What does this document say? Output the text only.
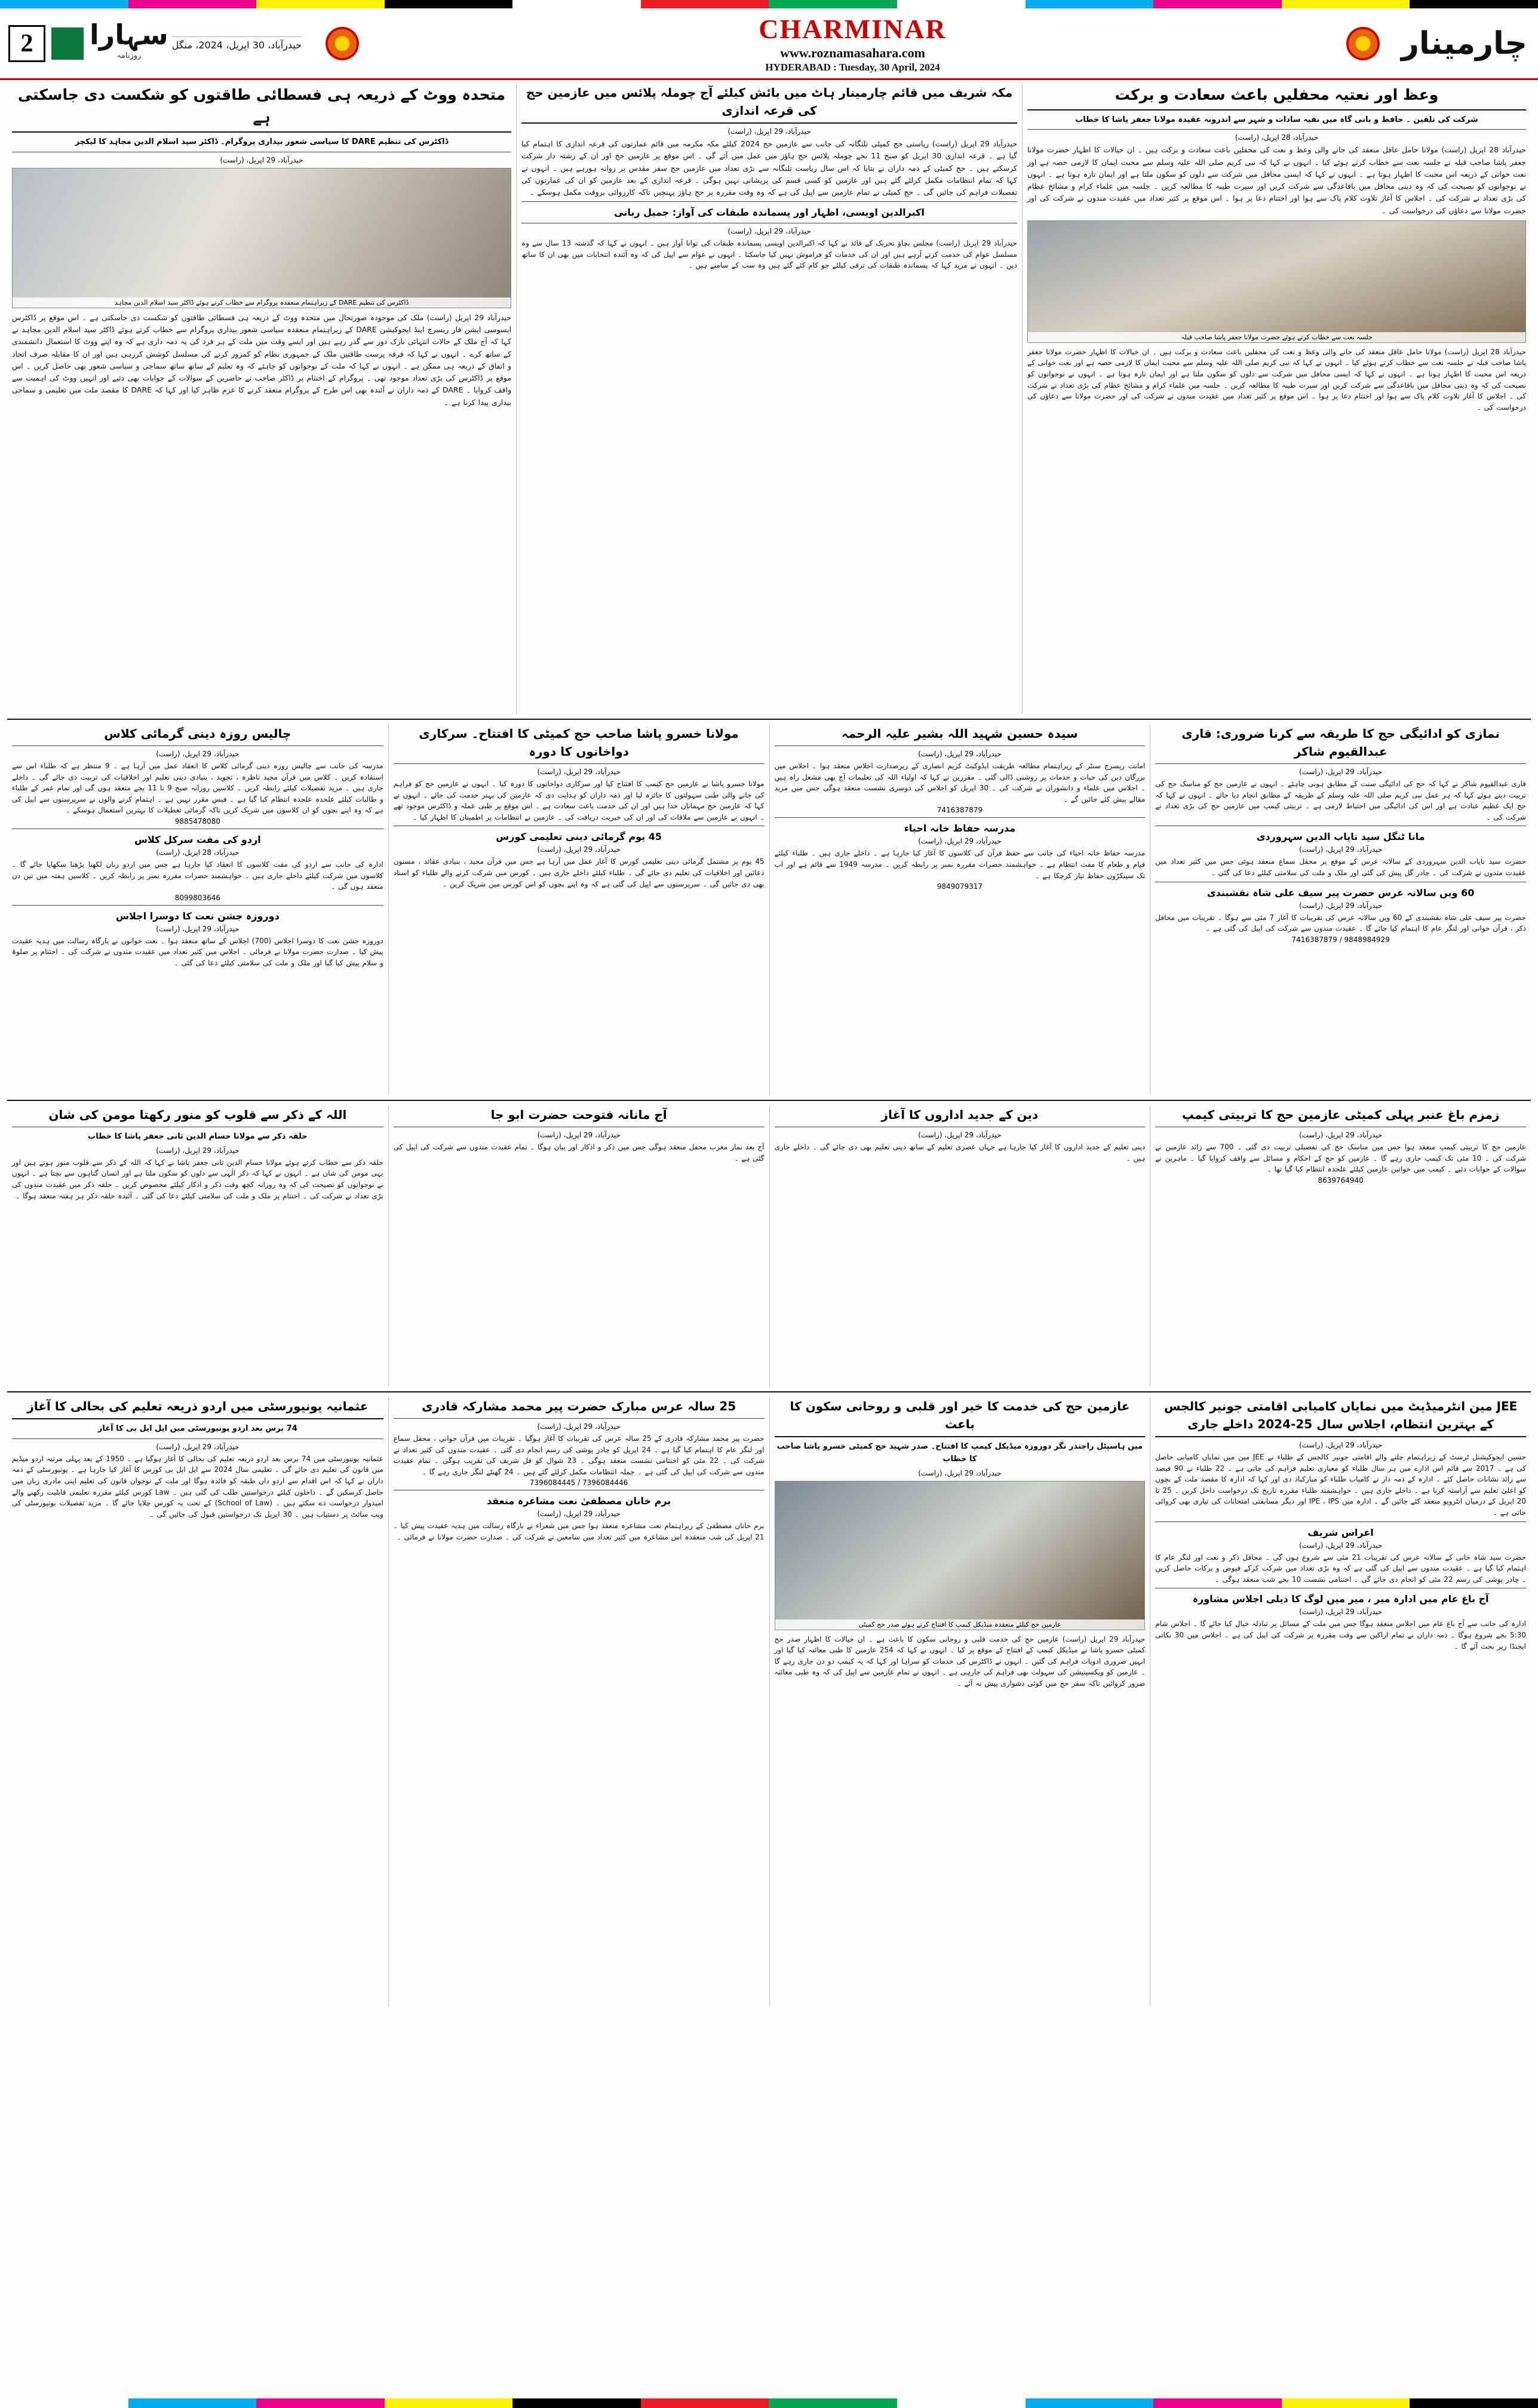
2	سہارا
روزنامہ
حیدرآباد، 30 اپریل، 2024، منگل
CHARMINAR
www.roznamasahara.com
HYDERABAD : Tuesday, 30 April, 2024
چارمینار
وعظ اور نعتیہ محفلیں باعث سعادت و برکت
شرکت کی تلقین ۔ حافظ و بانی گاہ میں نقیہ سادات و شہر سے اندرونہ عقیدہ مولانا جعفر پاشا کا خطاب
حیدرآباد، 28 اپریل، (راست)
حیدرآباد 28 اپریل (راست) مولانا حامل عاقل منعقد کی جانے والی وعظ و نعت کی محفلیں باعث سعادت و برکت ہیں ۔ ان خیالات کا اظہار حضرت مولانا جعفر پاشا صاحب قبلہ نے جلسہ نعت سے خطاب کرتے ہوئے کیا ۔ انہوں نے کہا کہ نبی کریم صلی اللہ علیہ وسلم سے محبت ایمان کا لازمی حصہ ہے اور نعت خوانی کے ذریعہ اس محبت کا اظہار ہوتا ہے ۔ انہوں نے کہا کہ ایسی محافل میں شرکت سے دلوں کو سکون ملتا ہے اور ایمان تازہ ہوتا ہے ۔ انہوں نے نوجوانوں کو نصیحت کی کہ وہ دینی محافل میں باقاعدگی سے شرکت کریں اور سیرت طیبہ کا مطالعہ کریں ۔ جلسہ میں علماء کرام و مشائخ عظام کی بڑی تعداد نے شرکت کی ۔ اجلاس کا آغاز تلاوت کلام پاک سے ہوا اور اختتام دعا پر ہوا ۔ اس موقع پر کثیر تعداد میں عقیدت مندوں نے شرکت کی اور حضرت مولانا سے دعاؤں کی درخواست کی ۔
جلسہ نعت سے خطاب کرتے ہوئے حضرت مولانا جعفر پاشا صاحب قبلہ
حیدرآباد 28 اپریل (راست) مولانا حامل عاقل منعقد کی جانے والی وعظ و نعت کی محفلیں باعث سعادت و برکت ہیں ۔ ان خیالات کا اظہار حضرت مولانا جعفر پاشا صاحب قبلہ نے جلسہ نعت سے خطاب کرتے ہوئے کیا ۔ انہوں نے کہا کہ نبی کریم صلی اللہ علیہ وسلم سے محبت ایمان کا لازمی حصہ ہے اور نعت خوانی کے ذریعہ اس محبت کا اظہار ہوتا ہے ۔ انہوں نے کہا کہ ایسی محافل میں شرکت سے دلوں کو سکون ملتا ہے اور ایمان تازہ ہوتا ہے ۔ انہوں نے نوجوانوں کو نصیحت کی کہ وہ دینی محافل میں باقاعدگی سے شرکت کریں اور سیرت طیبہ کا مطالعہ کریں ۔ جلسہ میں علماء کرام و مشائخ عظام کی بڑی تعداد نے شرکت کی ۔ اجلاس کا آغاز تلاوت کلام پاک سے ہوا اور اختتام دعا پر ہوا ۔ اس موقع پر کثیر تعداد میں عقیدت مندوں نے شرکت کی اور حضرت مولانا سے دعاؤں کی درخواست کی ۔
مکہ شریف میں قائم چارمینار ہاٹ میں بائش کیلئے آج چوملہ پلائس میں عازمین حج کی قرعہ اندازی
حیدرآباد، 29 اپریل، (راست)
حیدرآباد 29 اپریل (راست) ریاستی حج کمیٹی تلنگانہ کی جانب سے عازمین حج 2024 کیلئے مکہ مکرمہ میں قائم عمارتوں کی قرعہ اندازی کا اہتمام کیا گیا ہے ۔ قرعہ اندازی 30 اپریل کو صبح 11 بجے چوملہ پلائس حج ہاؤز میں عمل میں آئے گی ۔ اس موقع پر عازمین حج اور ان کے رشتہ دار شرکت کرسکتے ہیں ۔ حج کمیٹی کے ذمہ داران نے بتایا کہ اس سال ریاست تلنگانہ سے بڑی تعداد میں عازمین حج سفر مقدس پر روانہ ہورہے ہیں ۔ انہوں نے کہا کہ تمام انتظامات مکمل کرلئے گئے ہیں اور عازمین کو کسی قسم کی پریشانی نہیں ہوگی ۔ قرعہ اندازی کے بعد عازمین کو ان کی عمارتوں کی تفصیلات فراہم کی جائیں گی ۔ حج کمیٹی نے تمام عازمین سے اپیل کی ہے کہ وہ وقت مقررہ پر حج ہاؤز پہنچیں تاکہ کارروائی بروقت مکمل ہوسکے ۔
اکبرالدین اویسی، اظہار اور پسماندہ طبقات کی آواز: جمیل ربانی
حیدرآباد، 29 اپریل، (راست)
حیدرآباد 29 اپریل (راست) مجلس بچاؤ تحریک کے قائد نے کہا کہ اکبرالدین اویسی پسماندہ طبقات کی توانا آواز ہیں ۔ انہوں نے کہا کہ گذشتہ 13 سال سے وہ مسلسل عوام کی خدمت کرتے آرہے ہیں اور ان کی خدمات کو فراموش نہیں کیا جاسکتا ۔ انہوں نے عوام سے اپیل کی کہ وہ آئندہ انتخابات میں بھی ان کا ساتھ دیں ۔ انہوں نے مزید کہا کہ پسماندہ طبقات کی ترقی کیلئے جو کام کئے گئے ہیں وہ سب کے سامنے ہیں ۔
متحدہ ووٹ کے ذریعہ ہی فسطائی طاقتوں کو شکست دی جاسکتی ہے
ڈاکٹرس کی تنظیم DARE کا سیاسی شعور بیداری پروگرام۔ ڈاکٹر سید اسلام الدین مجاہد کا لیکچر
حیدرآباد، 29 اپریل، (راست)
ڈاکٹرس کی تنظیم DARE کے زیراہتمام منعقدہ پروگرام سے خطاب کرتے ہوئے ڈاکٹر سید اسلام الدین مجاہد
حیدرآباد 29 اپریل (راست) ملک کی موجودہ صورتحال میں متحدہ ووٹ کے ذریعہ ہی فسطائی طاقتوں کو شکست دی جاسکتی ہے ۔ اس موقع پر ڈاکٹرس ایسوسی ایشن فار ریسرچ اینڈ ایجوکیشن DARE کے زیراہتمام منعقدہ سیاسی شعور بیداری پروگرام سے خطاب کرتے ہوئے ڈاکٹر سید اسلام الدین مجاہد نے کہا کہ آج ملک کے حالات انتہائی نازک دور سے گذر رہے ہیں اور ایسے وقت میں ملت کے ہر فرد کی یہ ذمہ داری ہے کہ وہ اپنے ووٹ کا استعمال دانشمندی کے ساتھ کرے ۔ انہوں نے کہا کہ فرقہ پرست طاقتیں ملک کے جمہوری نظام کو کمزور کرنے کی مسلسل کوشش کررہی ہیں اور ان کا مقابلہ صرف اتحاد و اتفاق کے ذریعہ ہی ممکن ہے ۔ انہوں نے کہا کہ ملت کے نوجوانوں کو چاہئے کہ وہ تعلیم کے ساتھ ساتھ سماجی و سیاسی شعور بھی حاصل کریں ۔ اس موقع پر ڈاکٹرس کی بڑی تعداد موجود تھی ۔ پروگرام کے اختتام پر ڈاکٹر صاحب نے حاضرین کے سوالات کے جوابات بھی دئیے اور انہیں ووٹ کی اہمیت سے واقف کروایا ۔ DARE کے ذمہ داران نے آئندہ بھی اس طرح کے پروگرام منعقد کرنے کا عزم ظاہر کیا اور کہا کہ DARE کا مقصد ملت میں تعلیمی و سماجی بیداری پیدا کرنا ہے ۔
نمازی کو ادائیگی حج کا طریقہ سے کرنا ضروری: قاری عبدالقیوم شاکر
حیدرآباد، 29 اپریل، (راست)
قاری عبدالقیوم شاکر نے کہا کہ حج کی ادائیگی سنت کے مطابق ہونی چاہئے ۔ انہوں نے عازمین حج کو مناسک حج کی تربیت دیتے ہوئے کہا کہ ہر عمل نبی کریم صلی اللہ علیہ وسلم کے طریقہ کے مطابق انجام دیا جائے ۔ انہوں نے کہا کہ حج ایک عظیم عبادت ہے اور اس کی ادائیگی میں احتیاط لازمی ہے ۔ تربیتی کیمپ میں عازمین حج کی بڑی تعداد نے شرکت کی ۔
مانا ٹنگل سید نایاب الدین سہروردی
حیدرآباد، 29 اپریل، (راست)
حضرت سید نایاب الدین سہروردی کے سالانہ عرس کے موقع پر محفل سماع منعقد ہوئی جس میں کثیر تعداد میں عقیدت مندوں نے شرکت کی ۔ چادر گل پیش کی گئی اور ملک و ملت کی سلامتی کیلئے دعا کی گئی ۔
60 ویں سالانہ عرس حضرت پیر سیف علی شاہ نقشبندی
حیدرآباد، 29 اپریل، (راست)
حضرت پیر سیف علی شاہ نقشبندی کے 60 ویں سالانہ عرس کی تقریبات کا آغاز 7 مئی سے ہوگا ۔ تقریبات میں محافل ذکر ، قرآن خوانی اور لنگر عام کا اہتمام کیا جائے گا ۔ عقیدت مندوں سے شرکت کی اپیل کی گئی ہے ۔
9848984929 / 7416387879
سیدہ حسین شہید اللہ بشیر علیہ الرحمہ
حیدرآباد، 29 اپریل، (راست)
امانت ریسرچ سنٹر کے زیراہتمام مطالعہ طریقت ایڈوکیٹ کریم انصاری کے زیرصدارت اجلاس منعقد ہوا ۔ اجلاس میں بزرگان دین کی حیات و خدمات پر روشنی ڈالی گئی ۔ مقررین نے کہا کہ اولیاء اللہ کی تعلیمات آج بھی مشعل راہ ہیں ۔ اجلاس میں علماء و دانشوران نے شرکت کی ۔ 30 اپریل کو اجلاس کی دوسری نشست منعقد ہوگی جس میں مزید مقالے پیش کئے جائیں گے ۔
7416387879
مدرسہ حفاظ خانہ احیاء
حیدرآباد، 29 اپریل، (راست)
مدرسہ حفاظ خانہ احیاء کی جانب سے حفظ قرآن کی کلاسوں کا آغاز کیا جارہا ہے ۔ داخلے جاری ہیں ۔ طلباء کیلئے قیام و طعام کا مفت انتظام ہے ۔ خواہشمند حضرات مقررہ نمبر پر رابطہ کریں ۔ مدرسہ 1949 سے قائم ہے اور اب تک سینکڑوں حفاظ تیار کرچکا ہے ۔
9849079317
مولانا خسرو پاشا صاحب حج کمیٹی کا افتتاح۔ سرکاری دواخانوں کا دورہ
حیدرآباد، 29 اپریل، (راست)
مولانا خسرو پاشا نے عازمین حج کیمپ کا افتتاح کیا اور سرکاری دواخانوں کا دورہ کیا ۔ انہوں نے عازمین حج کو فراہم کی جانے والی طبی سہولتوں کا جائزہ لیا اور ذمہ داران کو ہدایت دی کہ عازمین کی بہتر خدمت کی جائے ۔ انہوں نے کہا کہ عازمین حج مہمانان خدا ہیں اور ان کی خدمت باعث سعادت ہے ۔ اس موقع پر طبی عملہ و ڈاکٹرس موجود تھے ۔ انہوں نے عازمین سے ملاقات کی اور ان کی خیریت دریافت کی ۔ عازمین نے انتظامات پر اطمینان کا اظہار کیا ۔
45 یوم گرمائی دینی تعلیمی کورس
حیدرآباد، 29 اپریل، (راست)
45 یوم پر مشتمل گرمائی دینی تعلیمی کورس کا آغاز عمل میں آرہا ہے جس میں قرآن مجید ، بنیادی عقائد ، مسنون دعائیں اور اخلاقیات کی تعلیم دی جائے گی ۔ طلباء کیلئے داخلے جاری ہیں ۔ کورس میں شرکت کرنے والے طلباء کو اسناد بھی دی جائیں گی ۔ سرپرستوں سے اپیل کی گئی ہے کہ وہ اپنے بچوں کو اس کورس میں شریک کریں ۔
چالیس روزہ دینی گرمائی کلاس
حیدرآباد، 29 اپریل، (راست)
مدرسہ کی جانب سے چالیس روزہ دینی گرمائی کلاس کا انعقاد عمل میں آرہا ہے ۔ 9 منتظر ہے کہ طلباء اس سے استفادہ کریں ۔ کلاس میں قرآن مجید ناظرہ ، تجوید ، بنیادی دینی تعلیم اور اخلاقیات کی تربیت دی جائے گی ۔ داخلے جاری ہیں ۔ مزید تفصیلات کیلئے رابطہ کریں ۔ کلاسیں روزانہ صبح 9 تا 11 بجے منعقد ہوں گی اور تمام عمر کے طلباء و طالبات کیلئے علحدہ علحدہ انتظام کیا گیا ہے ۔ فیس مقرر نہیں ہے ۔ اہتمام کرنے والوں نے سرپرستوں سے اپیل کی ہے کہ وہ اپنے بچوں کو ان کلاسوں میں شریک کریں تاکہ گرمائی تعطیلات کا بہترین استعمال ہوسکے ۔
9885478080
اردو کی مفت سرکل کلاس
حیدرآباد، 28 اپریل، (راست)
ادارہ کی جانب سے اردو کی مفت کلاسوں کا انعقاد کیا جارہا ہے جس میں اردو زبان لکھنا پڑھنا سکھایا جائے گا ۔ کلاسوں میں شرکت کیلئے داخلے جاری ہیں ۔ خواہشمند حضرات مقررہ نمبر پر رابطہ کریں ۔ کلاسیں ہفتہ میں تین دن منعقد ہوں گی ۔
8099803646
دوروزہ جشن نعت کا دوسرا اجلاس
حیدرآباد، 29 اپریل، (راست)
دوروزہ جشن نعت کا دوسرا اجلاس (700) اجلاس کے ساتھ منعقد ہوا ۔ نعت خوانوں نے بارگاہ رسالت میں ہدیہ عقیدت پیش کیا ۔ صدارت حضرت مولانا نے فرمائی ۔ اجلاس میں کثیر تعداد میں عقیدت مندوں نے شرکت کی ۔ اختتام پر صلوۃ و سلام پیش کیا گیا اور ملک و ملت کی سلامتی کیلئے دعا کی گئی ۔
زمزم باغ عنبر پہلی کمیٹی عازمین حج کا تربیتی کیمپ
حیدرآباد، 29 اپریل، (راست)
عازمین حج کا تربیتی کیمپ منعقد ہوا جس میں مناسک حج کی تفصیلی تربیت دی گئی ۔ 700 سے زائد عازمین نے شرکت کی ۔ 10 مئی تک کیمپ جاری رہے گا ۔ عازمین کو حج کے احکام و مسائل سے واقف کروایا گیا ۔ ماہرین نے سوالات کے جوابات دئیے ۔ کیمپ میں خواتین عازمین کیلئے علحدہ انتظام کیا گیا تھا ۔
8639764940
دین کے جدید اداروں کا آغاز
حیدرآباد، 29 اپریل، (راست)
دینی تعلیم کے جدید اداروں کا آغاز کیا جارہا ہے جہاں عصری تعلیم کے ساتھ دینی تعلیم بھی دی جائے گی ۔ داخلے جاری ہیں ۔
آج مانانہ فتوحت حضرت ابو جا
حیدرآباد، 29 اپریل، (راست)
آج بعد نماز مغرب محفل منعقد ہوگی جس میں ذکر و اذکار اور بیان ہوگا ۔ تمام عقیدت مندوں سے شرکت کی اپیل کی گئی ہے ۔
اللہ کے ذکر سے قلوب کو منور رکھتا مومن کی شان
حلقہ ذکر سے مولانا حسام الدین ثانی جعفر پاشا کا خطاب
حیدرآباد، 29 اپریل، (راست)
حلقہ ذکر سے خطاب کرتے ہوئے مولانا حسام الدین ثانی جعفر پاشا نے کہا کہ اللہ کے ذکر سے قلوب منور ہوتے ہیں اور یہی مومن کی شان ہے ۔ انہوں نے کہا کہ ذکر الٰہی سے دلوں کو سکون ملتا ہے اور انسان گناہوں سے بچتا ہے ۔ انہوں نے نوجوانوں کو نصیحت کی کہ وہ روزانہ کچھ وقت ذکر و اذکار کیلئے مخصوص کریں ۔ حلقہ ذکر میں عقیدت مندوں کی بڑی تعداد نے شرکت کی ۔ اختتام پر ملک و ملت کی سلامتی کیلئے دعا کی گئی ۔ آئندہ حلقہ ذکر ہر ہفتہ منعقد ہوگا ۔
JEE مین انٹرمیڈیٹ میں نمایاں کامیابی اقامتی جونیر کالجس کے بہترین انتظام، اجلاس سال 25-2024 داخلے جاری
حیدرآباد، 29 اپریل، (راست)
حسین ایجوکیشنل ٹرسٹ کے زیراہتمام چلنے والے اقامتی جونیر کالجس کے طلباء نے JEE مین میں نمایاں کامیابی حاصل کی ہے ۔ 2017 سے قائم اس ادارے میں ہر سال طلباء کو معیاری تعلیم فراہم کی جاتی ہے ۔ 22 طلباء نے 90 فیصد سے زائد نشانات حاصل کئے ۔ ادارہ کے ذمہ دار نے کامیاب طلباء کو مبارکباد دی اور کہا کہ ادارہ کا مقصد ملت کے بچوں کو اعلیٰ تعلیم سے آراستہ کرنا ہے ۔ داخلے جاری ہیں ۔ خواہشمند طلباء مقررہ تاریخ تک درخواست داخل کریں ۔ 25 تا 20 اپریل کے درمیان انٹرویو منعقد کئے جائیں گے ۔ ادارہ میں IPE ، IPS اور دیگر مسابقتی امتحانات کی تیاری بھی کروائی جاتی ہے ۔
اعراس شریف
حیدرآباد، 29 اپریل، (راست)
حضرت سید شاہ خانی کے سالانہ عرس کی تقریبات 21 مئی سے شروع ہوں گی ۔ محافل ذکر و نعت اور لنگر عام کا اہتمام کیا گیا ہے ۔ عقیدت مندوں سے اپیل کی گئی ہے کہ وہ بڑی تعداد میں شرکت کرکے فیوض و برکات حاصل کریں ۔ چادر پوشی کی رسم 22 مئی کو انجام دی جائے گی ۔ اختتامی نشست 10 بجے شب منعقد ہوگی ۔
آج باغ عام میں ادارہ میر ، میر میں لوگ کا ذیلی اجلاس مشاورہ
حیدرآباد، 29 اپریل، (راست)
ادارہ کی جانب سے آج باغ عام میں اجلاس منعقد ہوگا جس میں ملت کے مسائل پر تبادلہ خیال کیا جائے گا ۔ اجلاس شام 5:30 بجے شروع ہوگا ۔ ذمہ داران نے تمام اراکین سے وقت مقررہ پر شرکت کی اپیل کی ہے ۔ اجلاس میں 30 نکاتی ایجنڈا زیر بحث آئے گا ۔
عازمین حج کی خدمت کا خیر اور قلبی و روحانی سکون کا باعث
میں ہاسپٹل راجندر نگر دوروزہ میڈیکل کیمپ کا افتتاح۔ صدر شہید حج کمیٹی خسرو پاشا صاحب کا خطاب
حیدرآباد، 29 اپریل، (راست)
عازمین حج کیلئے منعقدہ میڈیکل کیمپ کا افتتاح کرتے ہوئے صدر حج کمیٹی
حیدرآباد 29 اپریل (راست) عازمین حج کی خدمت قلبی و روحانی سکون کا باعث ہے ۔ ان خیالات کا اظہار صدر حج کمیٹی خسرو پاشا نے میڈیکل کیمپ کے افتتاح کے موقع پر کیا ۔ انہوں نے کہا کہ 254 عازمین کا طبی معائنہ کیا گیا اور انہیں ضروری ادویات فراہم کی گئیں ۔ انہوں نے ڈاکٹرس کی خدمات کو سراہا اور کہا کہ یہ کیمپ دو دن جاری رہے گا ۔ عازمین کو ویکسینیشن کی سہولت بھی فراہم کی جارہی ہے ۔ انہوں نے تمام عازمین سے اپیل کی کہ وہ طبی معائنہ ضرور کروائیں تاکہ سفر حج میں کوئی دشواری پیش نہ آئے ۔
25 سالہ عرس مبارک حضرت پیر محمد مشارکہ قادری
حیدرآباد، 29 اپریل، (راست)
حضرت پیر محمد مشارکہ قادری کے 25 سالہ عرس کی تقریبات کا آغاز ہوگیا ۔ تقریبات میں قرآن خوانی ، محفل سماع اور لنگر عام کا اہتمام کیا گیا ہے ۔ 24 اپریل کو چادر پوشی کی رسم انجام دی گئی ۔ عقیدت مندوں کی کثیر تعداد نے شرکت کی ۔ 22 مئی کو اختتامی نشست منعقد ہوگی ۔ 23 شوال کو قل شریف کی تقریب ہوگی ۔ تمام عقیدت مندوں سے شرکت کی اپیل کی گئی ہے ۔ جملہ انتظامات مکمل کرلئے گئے ہیں ۔ 24 گھنٹے لنگر جاری رہے گا ۔
7396084446 / 7396084445
برم خانان مصطفیٰ نعت مشاعرہ منعقد
حیدرآباد، 29 اپریل، (راست)
برم خانان مصطفیٰ کے زیراہتمام نعت مشاعرہ منعقد ہوا جس میں شعراء نے بارگاہ رسالت میں ہدیہ عقیدت پیش کیا ۔ 21 اپریل کی شب منعقدہ اس مشاعرہ میں کثیر تعداد میں سامعین نے شرکت کی ۔ صدارت حضرت مولانا نے فرمائی ۔
عثمانیہ یونیورسٹی میں اردو ذریعہ تعلیم کی بحالی کا آغاز
74 برس بعد اردو یونیورسٹی میں ایل ایل بی کا آغاز
حیدرآباد، 29 اپریل، (راست)
عثمانیہ یونیورسٹی میں 74 برس بعد اردو ذریعہ تعلیم کی بحالی کا آغاز ہوگیا ہے ۔ 1950 کے بعد پہلی مرتبہ اردو میڈیم میں قانون کی تعلیم دی جائے گی ۔ تعلیمی سال 2024 سے ایل ایل بی کورس کا آغاز کیا جارہا ہے ۔ یونیورسٹی کے ذمہ داران نے کہا کہ اس اقدام سے اردو داں طبقہ کو فائدہ ہوگا اور ملت کے نوجوان قانون کی تعلیم اپنی مادری زبان میں حاصل کرسکیں گے ۔ داخلوں کیلئے درخواستیں طلب کی گئی ہیں ۔ Law کورس کیلئے مقررہ تعلیمی قابلیت رکھنے والے امیدوار درخواست دے سکتے ہیں ۔ (School of Law) کے تحت یہ کورس چلایا جائے گا ۔ مزید تفصیلات یونیورسٹی کی ویب سائٹ پر دستیاب ہیں ۔ 30 اپریل تک درخواستیں قبول کی جائیں گی ۔
